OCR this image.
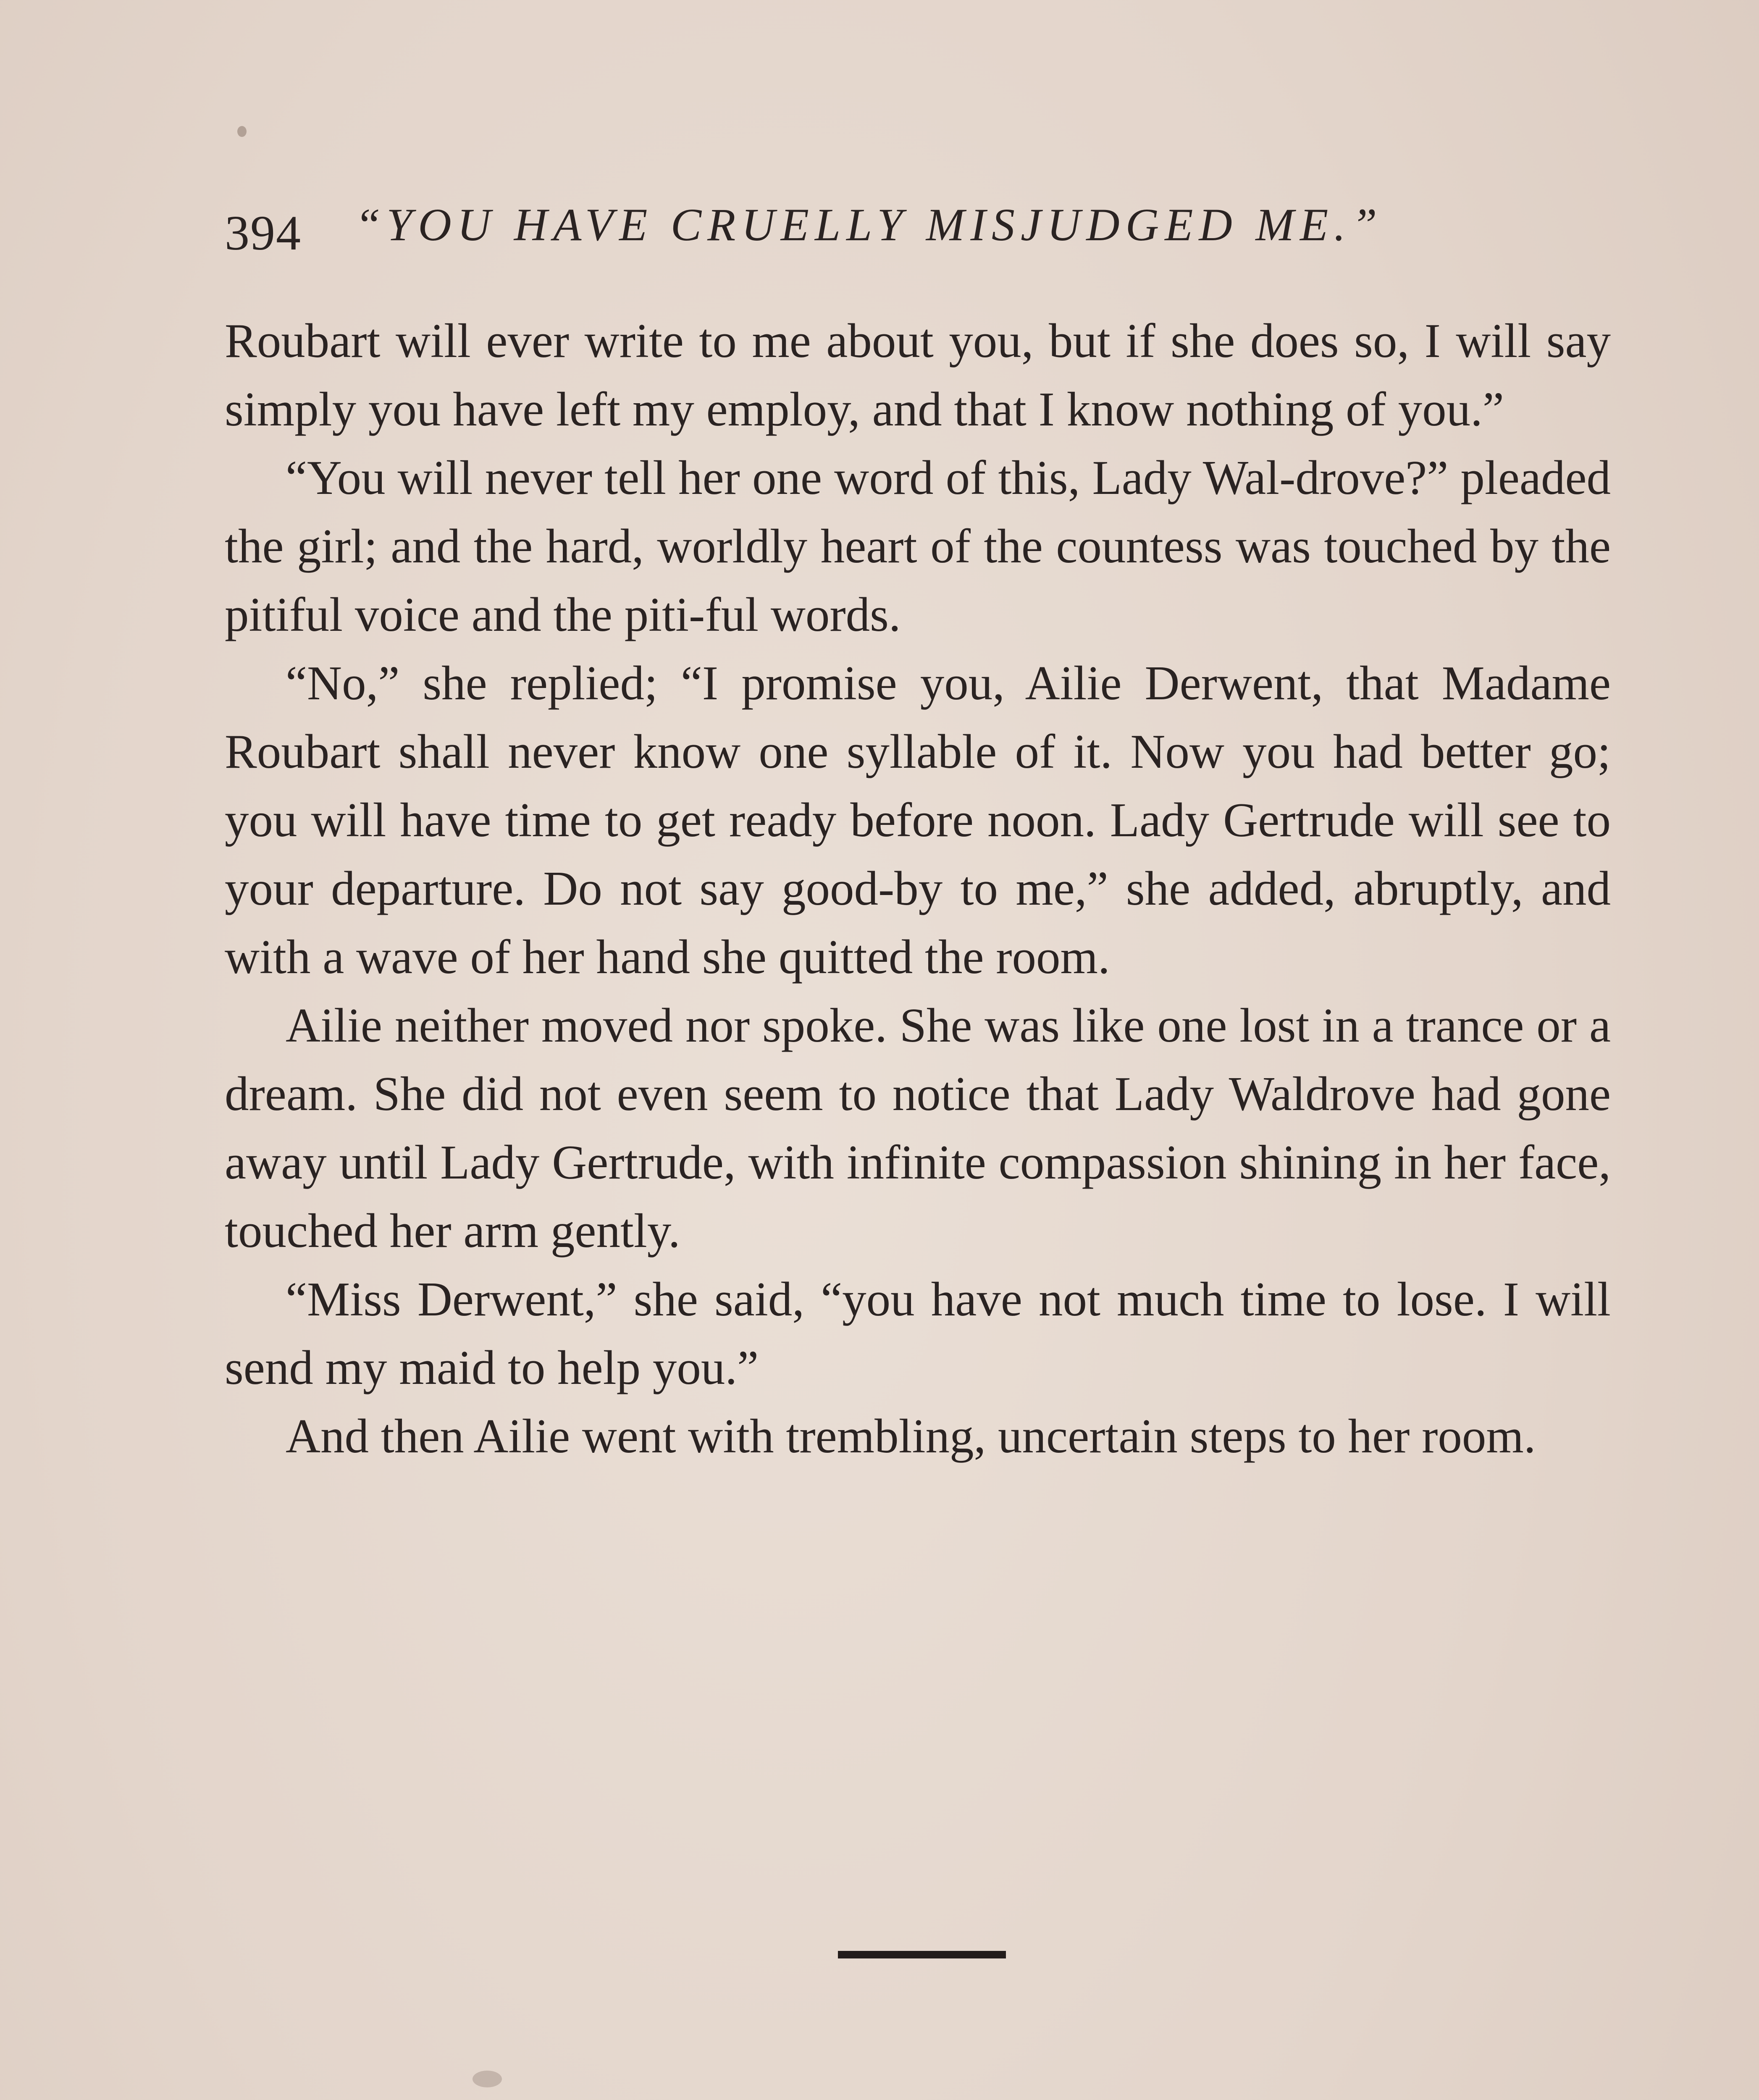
394 “YOU HAVE CRUELLY MISJUDGED ME.”

Roubart will ever write to me about you, but if she does so, I will say simply you have left my employ, and that I know nothing of you.”

“You will never tell her one word of this, Lady Wal-drove?” pleaded the girl; and the hard, worldly heart of the countess was touched by the pitiful voice and the piti-ful words.

“No,” she replied; “I promise you, Ailie Derwent, that Madame Roubart shall never know one syllable of it. Now you had better go; you will have time to get ready before noon. Lady Gertrude will see to your departure. Do not say good-by to me,” she added, abruptly, and with a wave of her hand she quitted the room.

Ailie neither moved nor spoke. She was like one lost in a trance or a dream. She did not even seem to notice that Lady Waldrove had gone away until Lady Gertrude, with infinite compassion shining in her face, touched her arm gently.

“Miss Derwent,” she said, “you have not much time to lose. I will send my maid to help you.”

And then Ailie went with trembling, uncertain steps to her room.
